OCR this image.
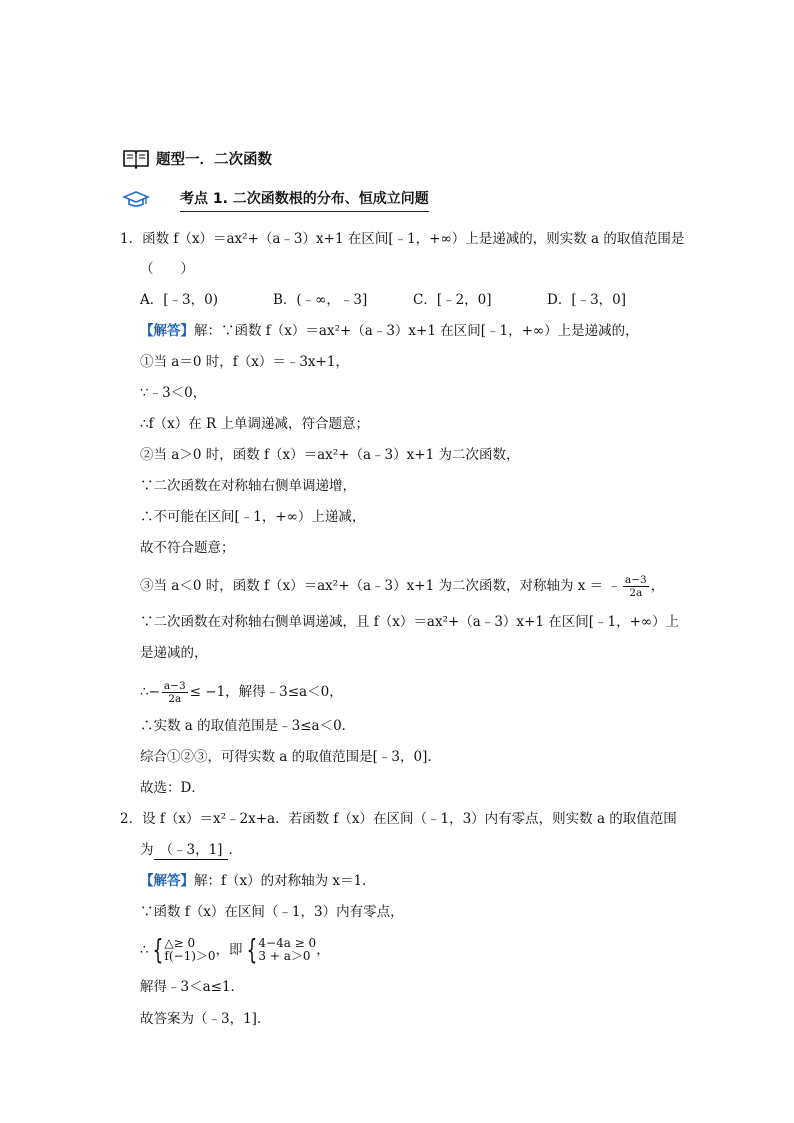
题型一．二次函数
考点 1. 二次函数根的分布、恒成立问题
1．函数 f（x）＝ax²+（a﹣3）x+1 在区间[﹣1，+∞）上是递减的，则实数 a 的取值范围是
（　　）
A．[﹣3，0)	B．(﹣∞，﹣3]	C．[﹣2，0]	D．[﹣3，0]
【解答】解：∵函数 f（x）＝ax²+（a﹣3）x+1 在区间[﹣1，+∞）上是递减的，
①当 a＝0 时，f（x）＝﹣3x+1，
∵﹣3＜0，
∴f（x）在 R 上单调递减，符合题意；
②当 a＞0 时，函数 f（x）＝ax²+（a﹣3）x+1 为二次函数，
∵二次函数在对称轴右侧单调递增，
∴不可能在区间[﹣1，+∞）上递减，
故不符合题意；
③当 a＜0 时，函数 f（x）＝ax²+（a﹣3）x+1 为二次函数，对称轴为 x ＝ ﹣ $\frac{a-3}{2a}$ ，
∵二次函数在对称轴右侧单调递减，且 f（x）＝ax²+（a﹣3）x+1 在区间[﹣1，+∞）上
是递减的，
∴− $\frac{a-3}{2a} \le -1$，解得﹣3≤a＜0，
∴实数 a 的取值范围是﹣3≤a＜0．
综合①②③，可得实数 a 的取值范围是[﹣3，0]．
故选：D．
2．设 f（x）＝x²﹣2x+a．若函数 f（x）在区间（﹣1，3）内有零点，则实数 a 的取值范围
为 （﹣3，1] ．
【解答】解：f（x）的对称轴为 x＝1．
∵函数 f（x）在区间（﹣1，3）内有零点，
∴ { △≥ 0
f(−1)＞0 ，即 { 4−4a ≥ 0
3 + a＞0 ，
解得﹣3＜a≤1．
故答案为（﹣3，1]．
